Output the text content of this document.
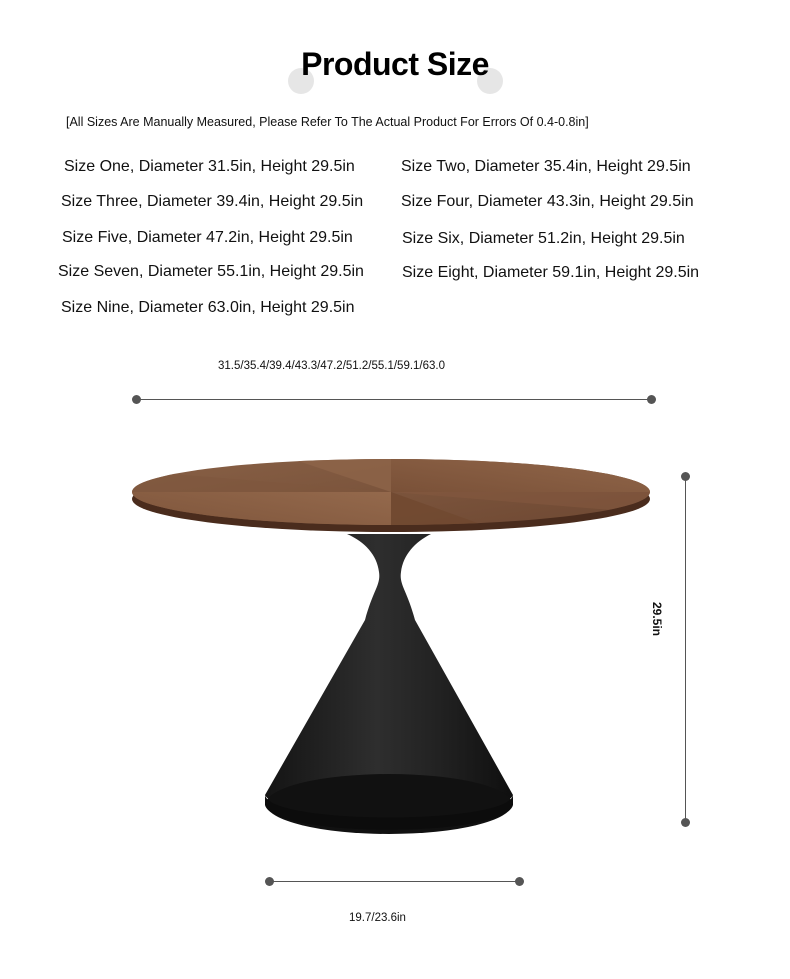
Product Size
[All Sizes Are Manually Measured, Please Refer To The Actual Product For Errors Of 0.4-0.8in]
Size One, Diameter 31.5in, Height 29.5in	Size Two, Diameter 35.4in, Height 29.5in
Size Three, Diameter 39.4in, Height 29.5in Size Four, Diameter 43.3in, Height 29.5in
Size Five, Diameter 47.2in, Height 29.5in	Size Six, Diameter 51.2in, Height 29.5in
Size Seven, Diameter 55.1in, Height 29.5in Size Eight, Diameter 59.1in, Height 29.5in
Size Nine, Diameter 63.0in, Height 29.5in
31.5/35.4/39.4/43.3/47.2/51.2/55.1/59.1/63.0
29.5in
19.7/23.6in
